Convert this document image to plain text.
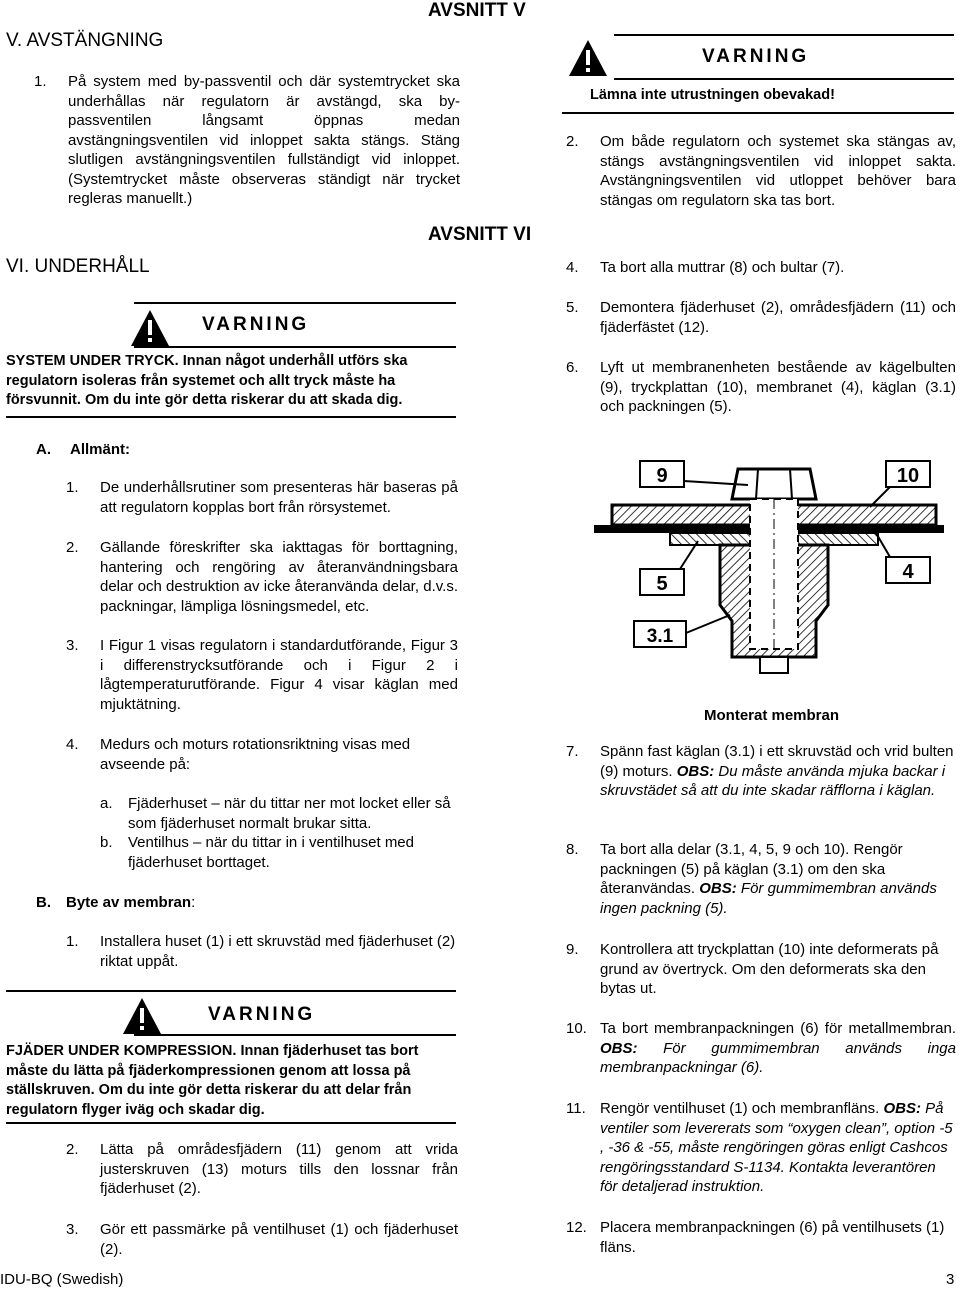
V. AVSTÄNGNING
AVSNITT V
1. På system med by-passventil och där systemtrycket ska underhållas när regulatorn är avstängd, ska by-passventilen långsamt öppnas medan avstängningsventilen vid inloppet sakta stängs. Stäng slutligen avstängningsventilen fullständigt vid inloppet. (Systemtrycket måste observeras ständigt när trycket regleras manuellt.)
VARNING
Lämna inte utrustningen obevakad!
2. Om både regulatorn och systemet ska stängas av, stängs avstängningsventilen vid inloppet sakta. Avstängningsventilen vid utloppet behöver bara stängas om regulatorn ska tas bort.
VI. UNDERHÅLL
AVSNITT VI
VARNING
SYSTEM UNDER TRYCK. Innan något underhåll utförs ska regulatorn isoleras från systemet och allt tryck måste ha försvunnit. Om du inte gör detta riskerar du att skada dig.
A. Allmänt:
1. De underhållsrutiner som presenteras här baseras på att regulatorn kopplas bort från rörsystemet.
2. Gällande föreskrifter ska iakttagas för borttagning, hantering och rengöring av återanvändningsbara delar och destruktion av icke återanvända delar, d.v.s. packningar, lämpliga lösningsmedel, etc.
3. I Figur 1 visas regulatorn i standardutförande, Figur 3 i differenstrycksutförande och i Figur 2 i lågtemperaturutförande. Figur 4 visar käglan med mjuktätning.
4. Medurs och moturs rotationsriktning visas med avseende på:
a. Fjäderhuset – när du tittar ner mot locket eller så som fjäderhuset normalt brukar sitta.
b. Ventilhus – när du tittar in i ventilhuset med fjäderhuset borttaget.
B. Byte av membran:
1. Installera huset (1) i ett skruvstäd med fjäderhuset (2) riktat uppåt.
VARNING
FJÄDER UNDER KOMPRESSION. Innan fjäderhuset tas bort måste du lätta på fjäderkompressionen genom att lossa på ställskruven. Om du inte gör detta riskerar du att delar från regulatorn flyger iväg och skadar dig.
2. Lätta på områdesfjädern (11) genom att vrida justerskruven (13) moturs tills den lossnar från fjäderhuset (2).
3. Gör ett passmärke på ventilhuset (1) och fjäderhuset (2).
4. Ta bort alla muttrar (8) och bultar (7).
5. Demontera fjäderhuset (2), områdesfjädern (11) och fjäderfästet (12).
6. Lyft ut membranenheten bestående av kägelbulten (9), tryckplattan (10), membranet (4), käglan (3.1) och packningen (5).
9	10
5
4
3.1
Monterat membran
7. Spänn fast käglan (3.1) i ett skruvstäd och vrid bulten (9) moturs. OBS: Du måste använda mjuka backar i skruvstädet så att du inte skadar räfflorna i käglan.
8. Ta bort alla delar (3.1, 4, 5, 9 och 10). Rengör packningen (5) på käglan (3.1) om den ska återanvändas. OBS: För gummimembran används ingen packning (5).
9. Kontrollera att tryckplattan (10) inte deformerats på grund av övertryck. Om den deformerats ska den bytas ut.
10. Ta bort membranpackningen (6) för metallmembran. OBS: För gummimembran används inga membranpackningar (6).
11. Rengör ventilhuset (1) och membranfläns. OBS: På ventiler som levererats som “oxygen clean”, option -5 , -36 & -55, måste rengöringen göras enligt Cashcos rengöringsstandard S-1134. Kontakta leverantören för detaljerad instruktion.
12. Placera membranpackningen (6) på ventilhusets (1) fläns.
IDU-BQ (Swedish)	3
